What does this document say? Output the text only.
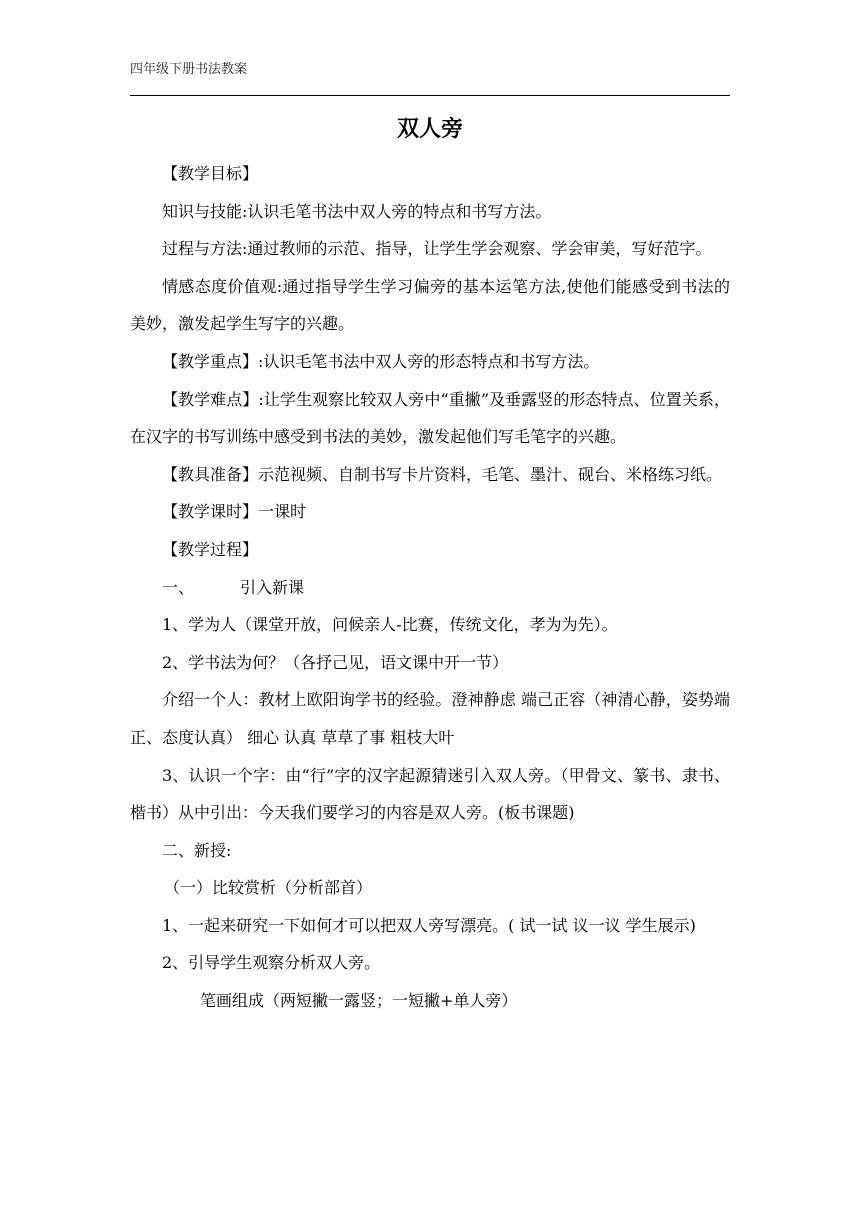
四年级下册书法教案
双人旁

【教学目标】

知识与技能:认识毛笔书法中双人旁的特点和书写方法。

过程与方法:通过教师的示范、指导，让学生学会观察、学会审美，写好范字。

情感态度价值观:通过指导学生学习偏旁的基本运笔方法,使他们能感受到书法的美妙，激发起学生写字的兴趣。

【教学重点】:认识毛笔书法中双人旁的形态特点和书写方法。

【教学难点】:让学生观察比较双人旁中“重撇”及垂露竖的形态特点、位置关系，在汉字的书写训练中感受到书法的美妙，激发起他们写毛笔字的兴趣。

【教具准备】示范视频、自制书写卡片资料，毛笔、墨汁、砚台、米格练习纸。

【教学课时】一课时

【教学过程】

一、	引入新课

1、学为人（课堂开放，问候亲人-比赛，传统文化，孝为为先）。

2、学书法为何？（各抒己见，语文课中开一节）

介绍一个人：教材上欧阳询学书的经验。澄神静虑 端己正容（神清心静，姿势端正、态度认真） 细心 认真 草草了事 粗枝大叶

3、认识一个字：由“行”字的汉字起源猜迷引入双人旁。（甲骨文、篆书、隶书、楷书）从中引出：今天我们要学习的内容是双人旁。(板书课题)

二、新授:

（一）比较赏析（分析部首）

1、一起来研究一下如何才可以把双人旁写漂亮。( 试一试 议一议 学生展示)

2、引导学生观察分析双人旁。

笔画组成（两短撇一露竖；一短撇+单人旁）
